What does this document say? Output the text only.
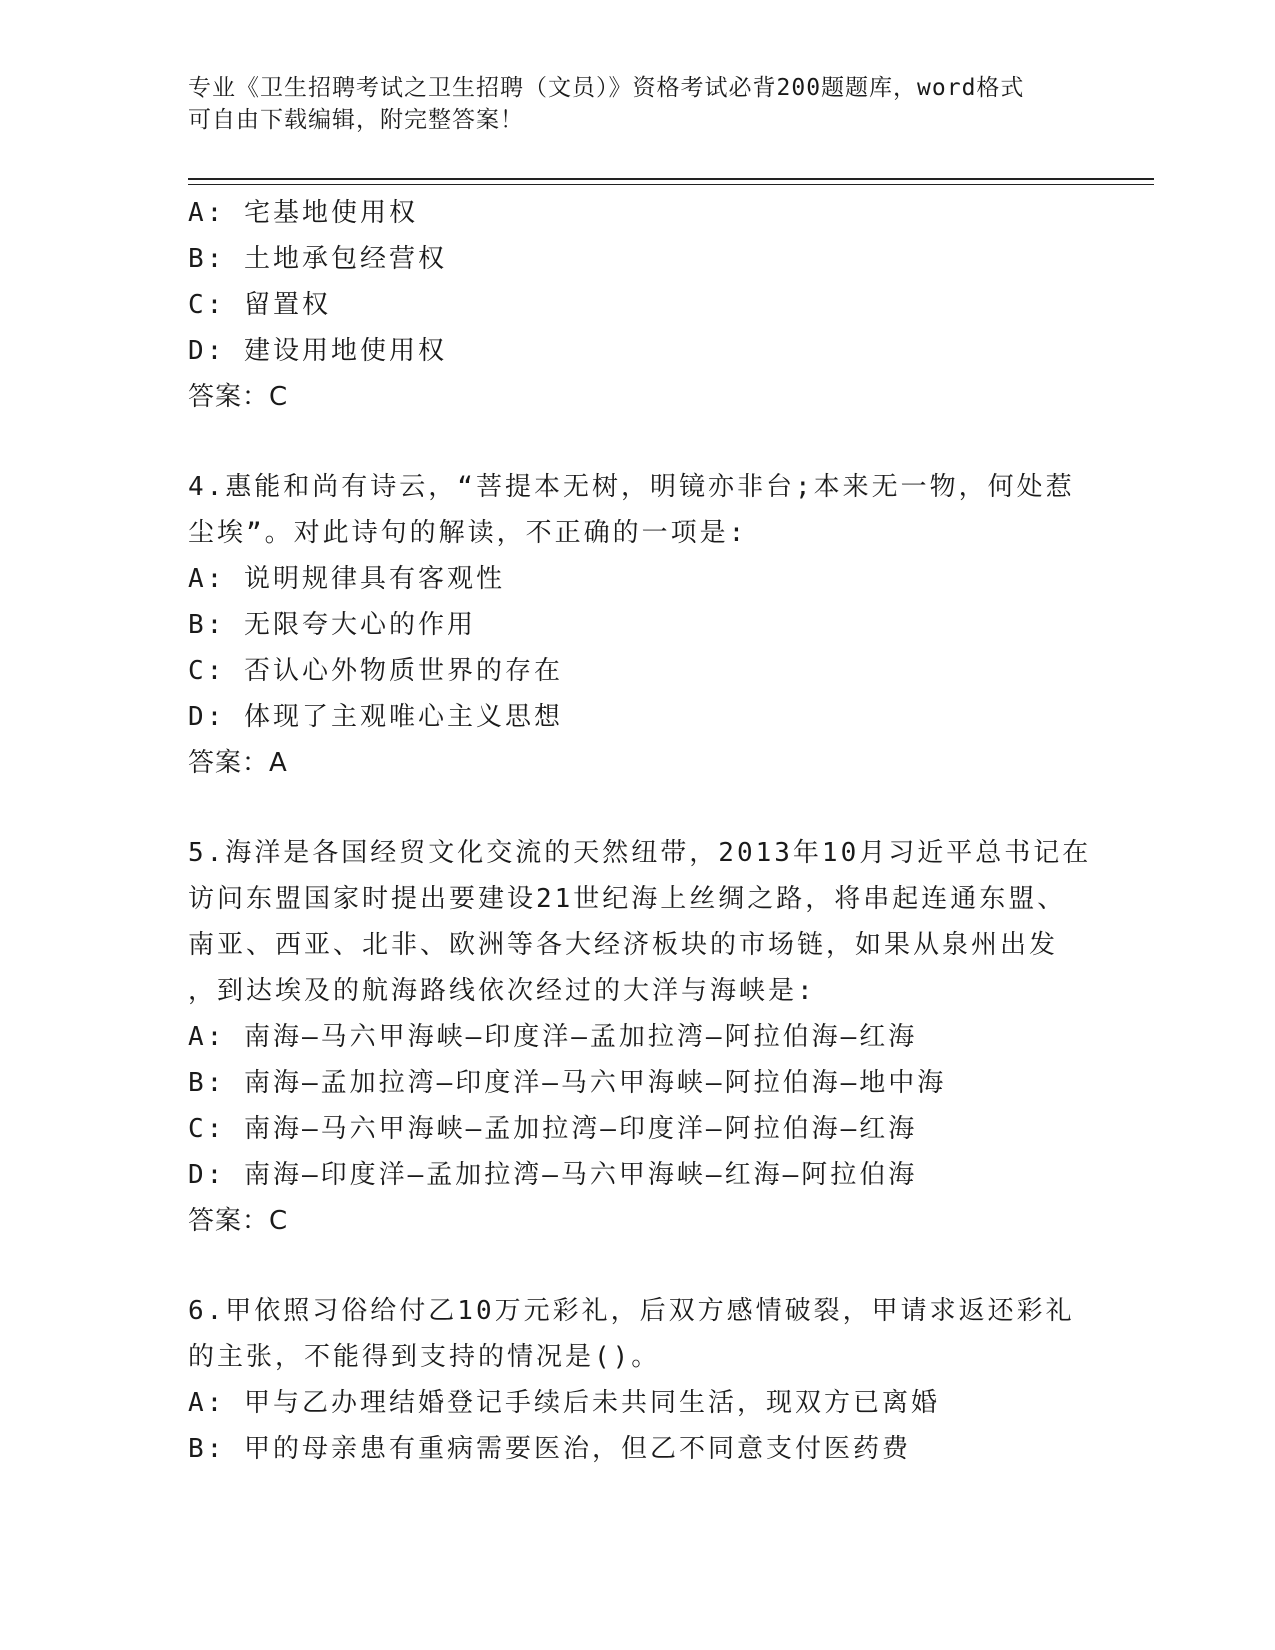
专业《卫生招聘考试之卫生招聘（文员）》资格考试必背200题题库，word格式
可自由下载编辑，附完整答案！
A: 宅基地使用权
B: 土地承包经营权
C: 留置权
D: 建设用地使用权
答案：C
4.惠能和尚有诗云，“菩提本无树，明镜亦非台;本来无一物，何处惹
尘埃”。对此诗句的解读，不正确的一项是:
A: 说明规律具有客观性
B: 无限夸大心的作用
C: 否认心外物质世界的存在
D: 体现了主观唯心主义思想
答案：A
5.海洋是各国经贸文化交流的天然纽带，2013年10月习近平总书记在
访问东盟国家时提出要建设21世纪海上丝绸之路，将串起连通东盟、
南亚、西亚、北非、欧洲等各大经济板块的市场链，如果从泉州出发
，到达埃及的航海路线依次经过的大洋与海峡是:
A: 南海—马六甲海峡—印度洋—孟加拉湾—阿拉伯海—红海
B: 南海—孟加拉湾—印度洋—马六甲海峡—阿拉伯海—地中海
C: 南海—马六甲海峡—孟加拉湾—印度洋—阿拉伯海—红海
D: 南海—印度洋—孟加拉湾—马六甲海峡—红海—阿拉伯海
答案：C
6.甲依照习俗给付乙10万元彩礼，后双方感情破裂，甲请求返还彩礼
的主张，不能得到支持的情况是()。
A: 甲与乙办理结婚登记手续后未共同生活，现双方已离婚
B: 甲的母亲患有重病需要医治，但乙不同意支付医药费
